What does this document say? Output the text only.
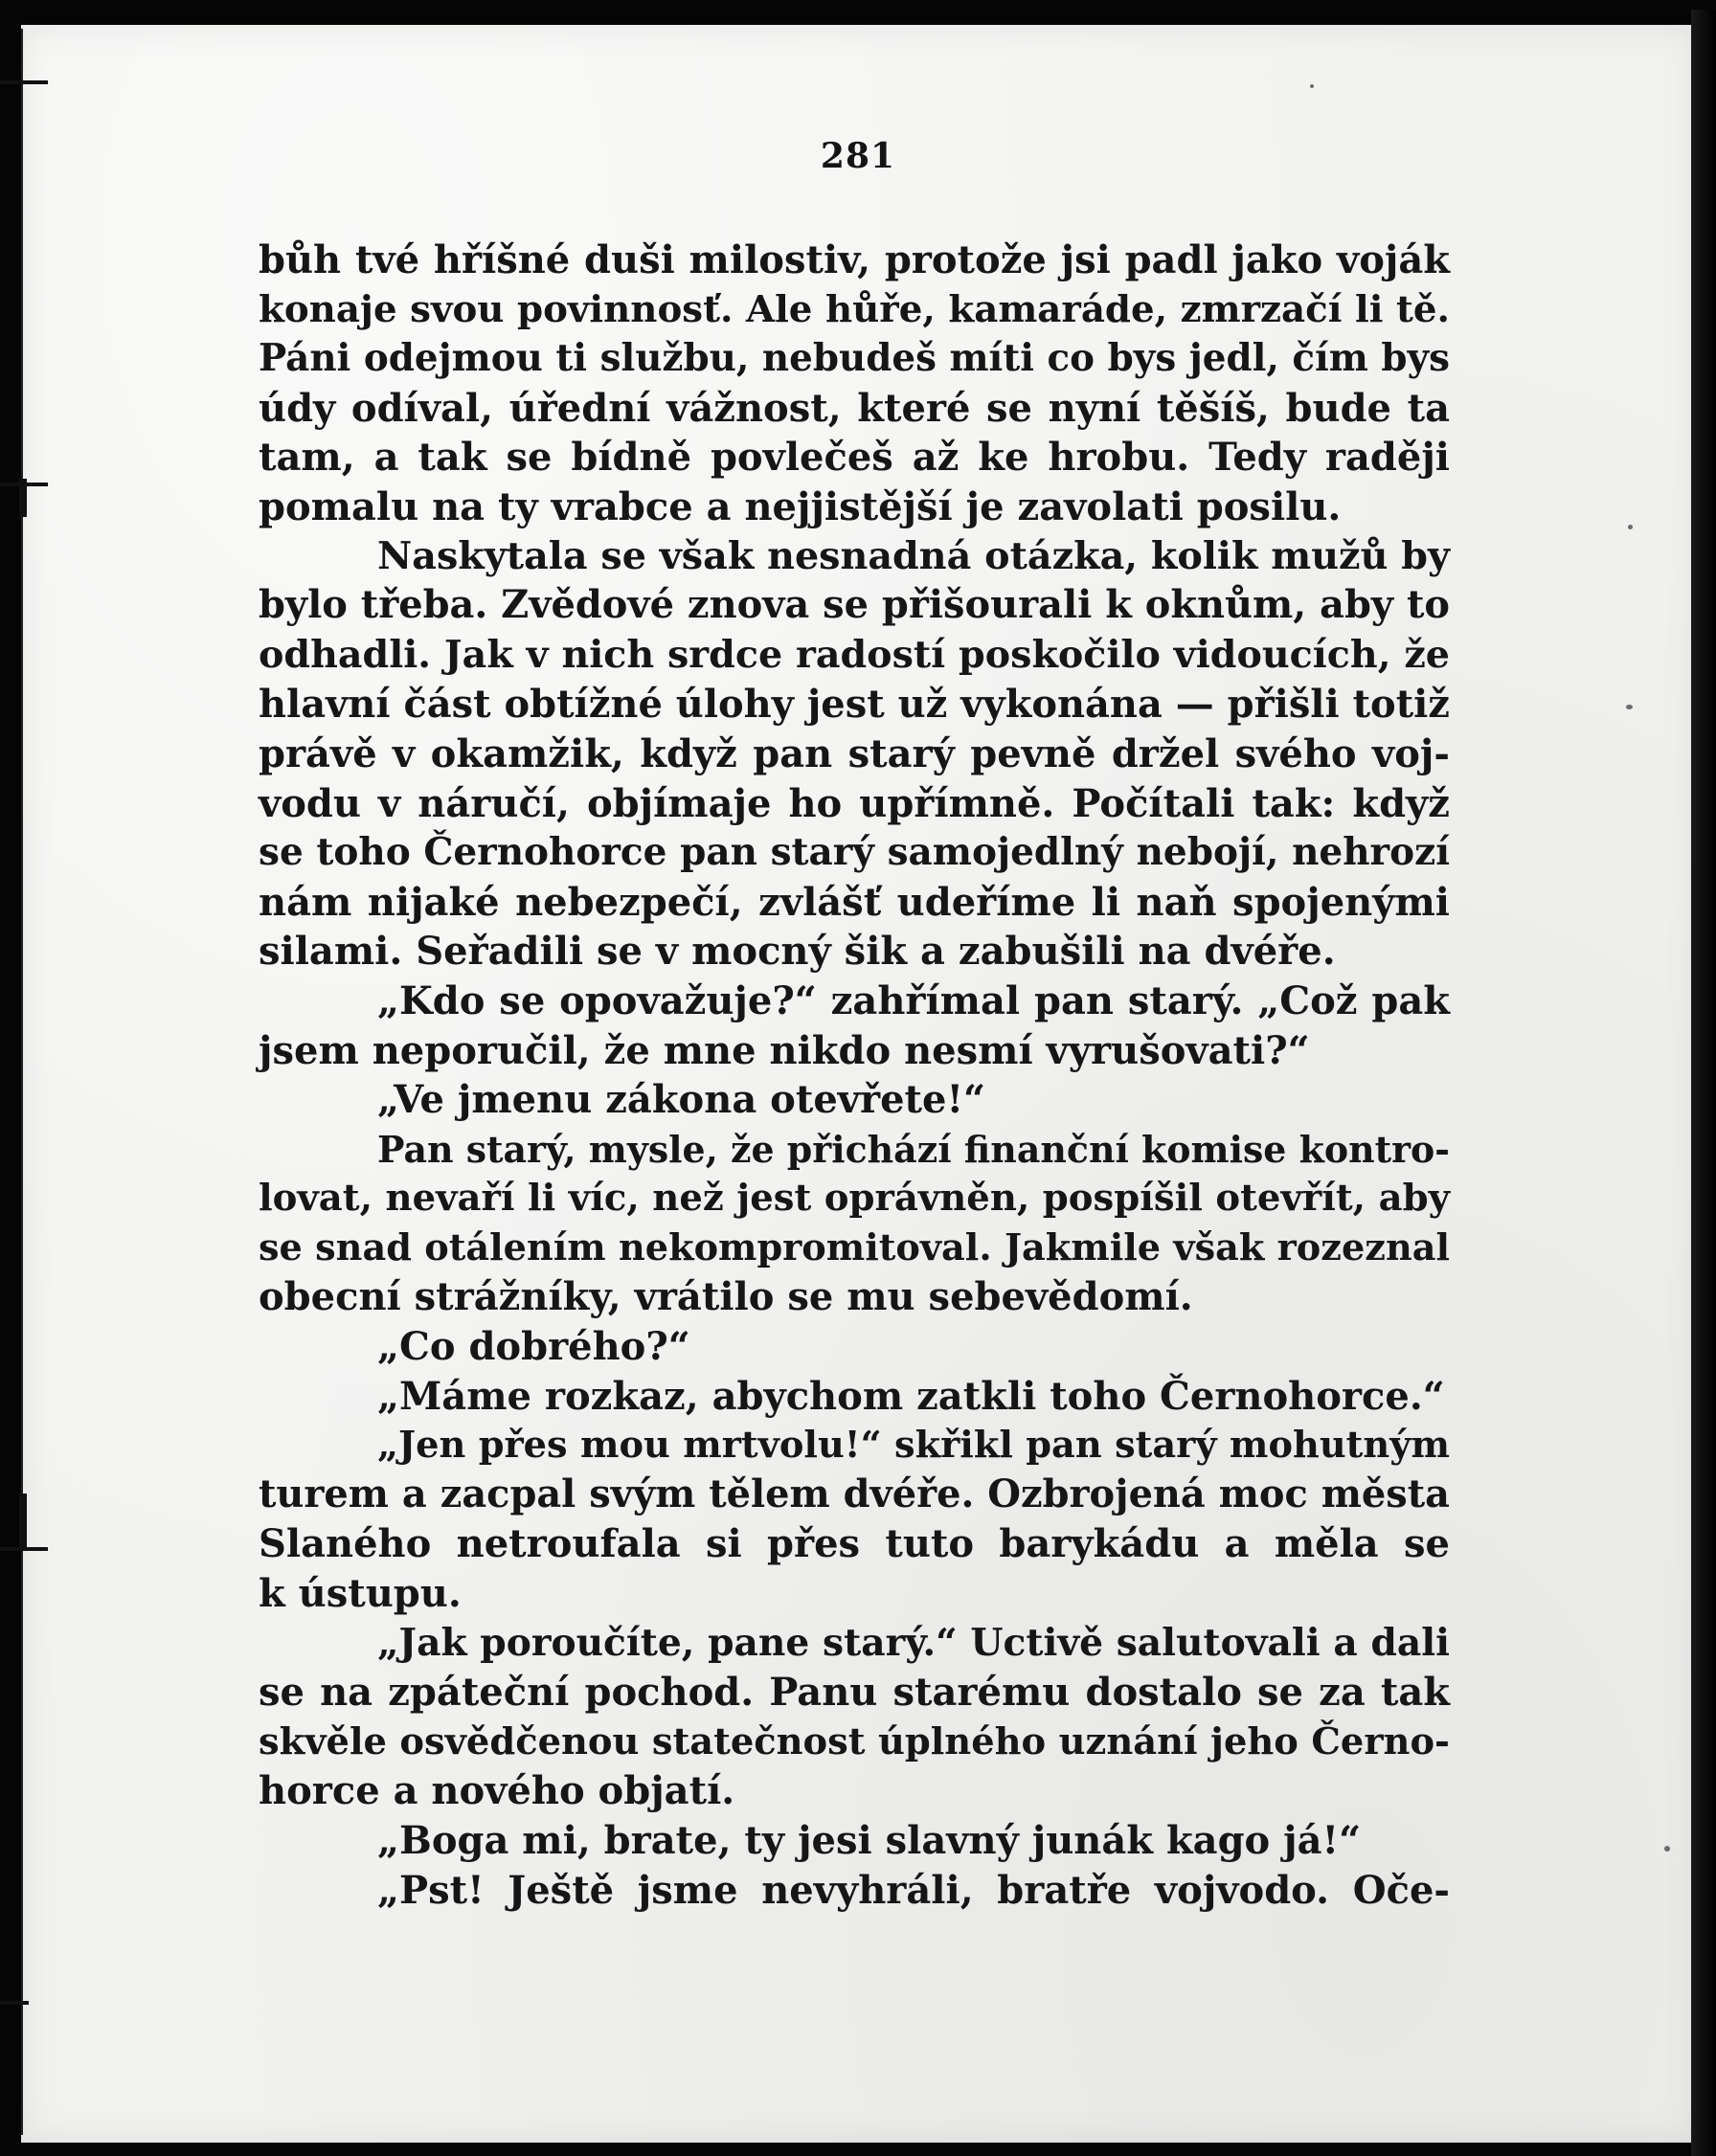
281
bůh tvé hříšné duši milostiv, protože jsi padl jako voják
konaje svou povinnosť. Ale hůře, kamaráde, zmrzačí li tě.
Páni odejmou ti službu, nebudeš míti co bys jedl, čím bys
údy odíval, úřední vážnost, které se nyní těšíš, bude ta
tam, a tak se bídně povlečeš až ke hrobu. Tedy raději
pomalu na ty vrabce a nejjistější je zavolati posilu.
Naskytala se však nesnadná otázka, kolik mužů by
bylo třeba. Zvědové znova se přišourali k oknům, aby to
odhadli. Jak v nich srdce radostí poskočilo vidoucích, že
hlavní část obtížné úlohy jest už vykonána — přišli totiž
právě v okamžik, když pan starý pevně držel svého voj-
vodu v náručí, objímaje ho upřímně. Počítali tak: když
se toho Černohorce pan starý samojedlný nebojí, nehrozí
nám nijaké nebezpečí, zvlášť udeříme li naň spojenými
silami. Seřadili se v mocný šik a zabušili na dvéře.
„Kdo se opovažuje?“ zahřímal pan starý. „Což pak
jsem neporučil, že mne nikdo nesmí vyrušovati?“
„Ve jmenu zákona otevřete!“
Pan starý, mysle, že přichází finanční komise kontro-
lovat, nevaří li víc, než jest oprávněn, pospíšil otevřít, aby
se snad otálením nekompromitoval. Jakmile však rozeznal
obecní strážníky, vrátilo se mu sebevědomí.
„Co dobrého?“
„Máme rozkaz, abychom zatkli toho Černohorce.“
„Jen přes mou mrtvolu!“ skřikl pan starý mohutným
turem a zacpal svým tělem dvéře. Ozbrojená moc města
Slaného netroufala si přes tuto barykádu a měla se
k ústupu.
„Jak poroučíte, pane starý.“ Uctivě salutovali a dali
se na zpáteční pochod. Panu starému dostalo se za tak
skvěle osvědčenou statečnost úplného uznání jeho Černo-
horce a nového objatí.
„Boga mi, brate, ty jesi slavný junák kago já!“
„Pst! Ještě jsme nevyhráli, bratře vojvodo. Oče-
